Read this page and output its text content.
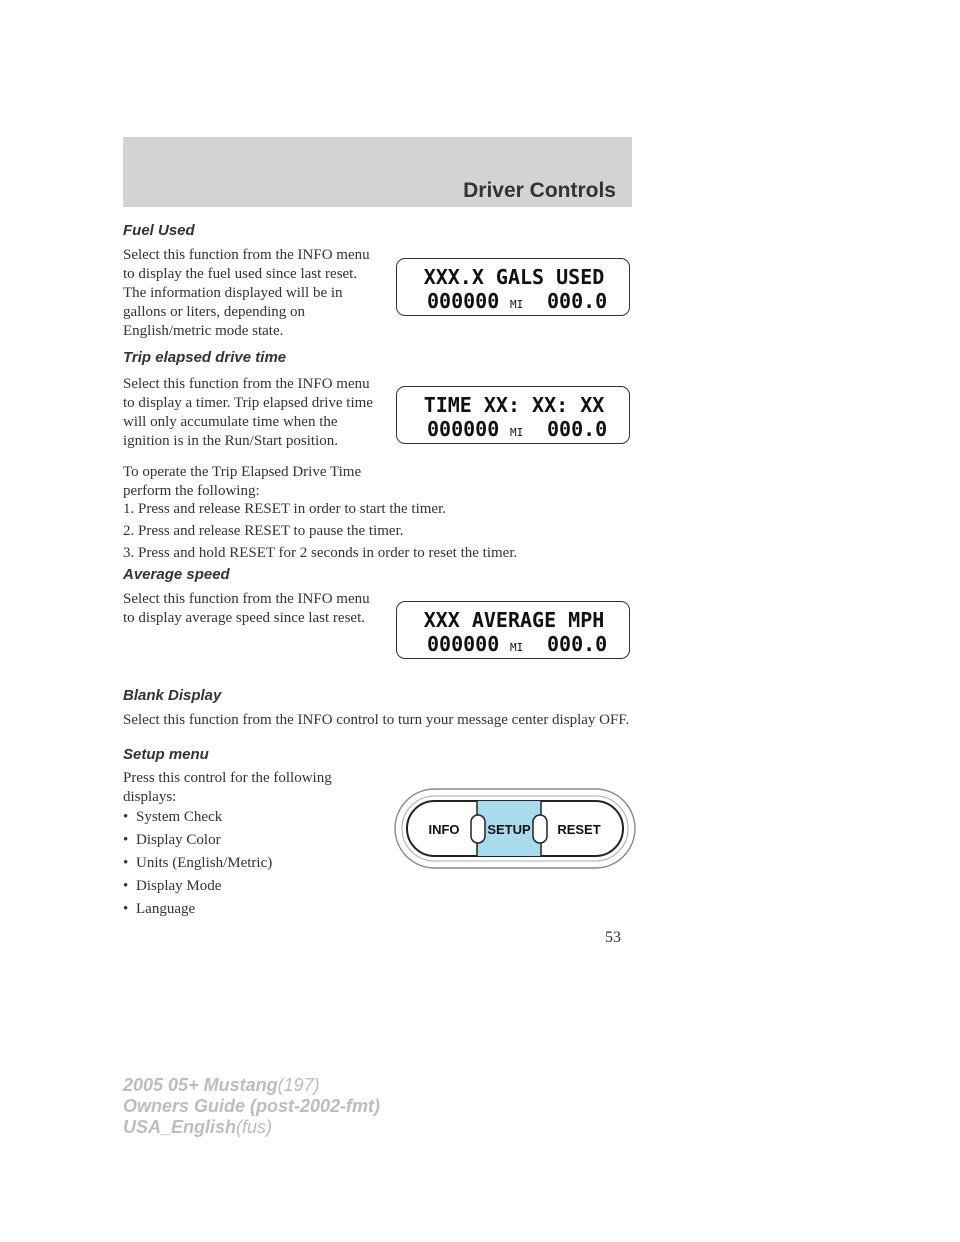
Driver Controls
Fuel Used
Select this function from the INFO menu to display the fuel used since last reset. The information displayed will be in gallons or liters, depending on English/metric mode state.
XXX.X GALS USED
000000 MI 000.0
Trip elapsed drive time
Select this function from the INFO menu to display a timer. Trip elapsed drive time will only accumulate time when the ignition is in the Run/Start position.
To operate the Trip Elapsed Drive Time perform the following:
1. Press and release RESET in order to start the timer.
2. Press and release RESET to pause the timer.
3. Press and hold RESET for 2 seconds in order to reset the timer.
TIME XX: XX: XX
000000 MI 000.0
Average speed
Select this function from the INFO menu to display average speed since last reset.	XXX AVERAGE MPH
000000 MI 000.0
Blank Display
Select this function from the INFO control to turn your message center display OFF.
Setup menu
Press this control for the following displays:
• System Check
• Display Color
• Units (English/Metric)
• Display Mode
• Language
INFO SETUP RESET
53
2005 05+ Mustang(197)
Owners Guide (post-2002-fmt)
USA_English(fus)
